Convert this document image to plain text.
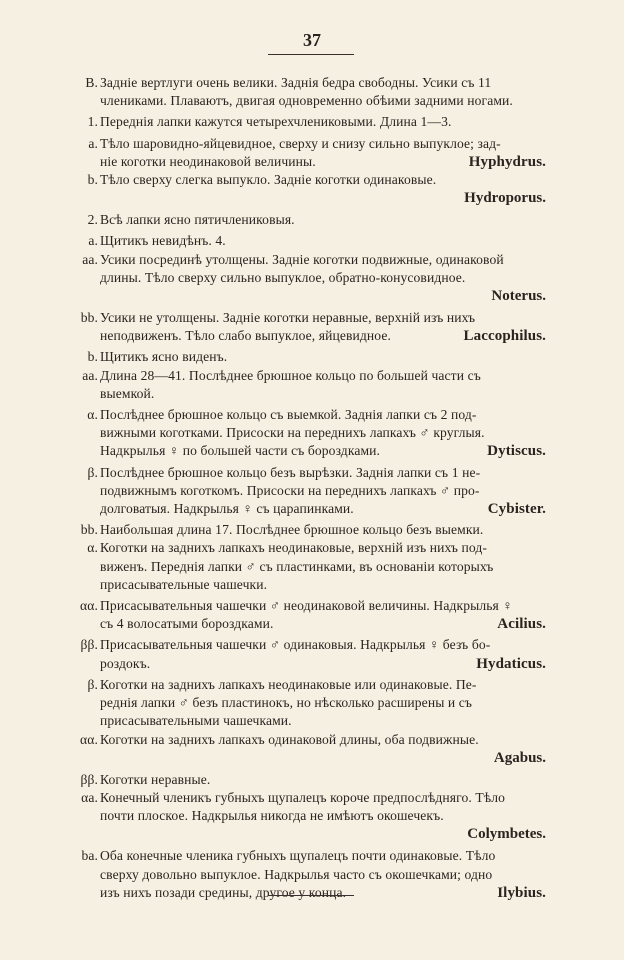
37
B. Заднiе вертлуги очень велики. Заднiя бедра свободны. Усики съ 11
члениками. Плаваютъ, двигая одновременно обѣими задними ногами.
1. Переднiя лапки кажутся четырехчлениковыми. Длина 1—3.
a. Тѣло шаровидно-яйцевидное, сверху и снизу сильно выпуклое; зад-
нiе коготки неодинаковой величины.	Hyphydrus.
b. Тѣло сверху слегка выпукло. Заднiе коготки одинаковые.
Hydroporus.
2. Всѣ лапки ясно пятичлениковыя.
a. Щитикъ невидѣнъ. 4.
aa. Усики посрединѣ утолщены. Заднiе коготки подвижные, одинаковой
длины. Тѣло сверху сильно выпуклое, обратно-конусовидное.
Noterus.
bb. Усики не утолщены. Заднiе коготки неравные, верхнiй изъ нихъ
неподвиженъ. Тѣло слабо выпуклое, яйцевидное.	Laccophilus.
b. Щитикъ ясно виденъ.
aa. Длина 28—41. Послѣднее брюшное кольцо по большей части съ
выемкой.
α. Послѣднее брюшное кольцо съ выемкой. Заднiя лапки съ 2 под-
вижными коготками. Присоски на переднихъ лапкахъ ♂ круглыя.
Надкрылья ♀ по большей части съ бороздками.	Dytiscus.
β. Послѣднее брюшное кольцо безъ вырѣзки. Заднiя лапки съ 1 не-
подвижнымъ коготкомъ. Присоски на переднихъ лапкахъ ♂ про-
долговатыя. Надкрылья ♀ съ царапинками.	Cybister.
bb. Наибольшая длина 17. Послѣднее брюшное кольцо безъ выемки.
α. Коготки на заднихъ лапкахъ неодинаковые, верхнiй изъ нихъ под-
виженъ. Переднiя лапки ♂ съ пластинками, въ основанiи которыхъ
присасывательные чашечки.
αα. Присасывательныя чашечки ♂ неодинаковой величины. Надкрылья ♀
съ 4 волосатыми бороздками.	Acilius.
ββ. Присасывательныя чашечки ♂ одинаковыя. Надкрылья ♀ безъ бо-
роздокъ.	Hydaticus.
β. Коготки на заднихъ лапкахъ неодинаковые или одинаковые. Пе-
реднiя лапки ♂ безъ пластинокъ, но нѣсколько расширены и съ
присасывательными чашечками.
αα. Коготки на заднихъ лапкахъ одинаковой длины, оба подвижные.
Agabus.
ββ. Коготки неравные.
αa. Конечный членикъ губныхъ щупалецъ короче предпослѣдняго. Тѣло
почти плоское. Надкрылья никогда не имѣютъ окошечекъ.
Colymbetes.
ba. Оба конечные членика губныхъ щупалецъ почти одинаковые. Тѣло
сверху довольно выпуклое. Надкрылья часто съ окошечками; одно
изъ нихъ позади средины, другое у конца.	Ilybius.
